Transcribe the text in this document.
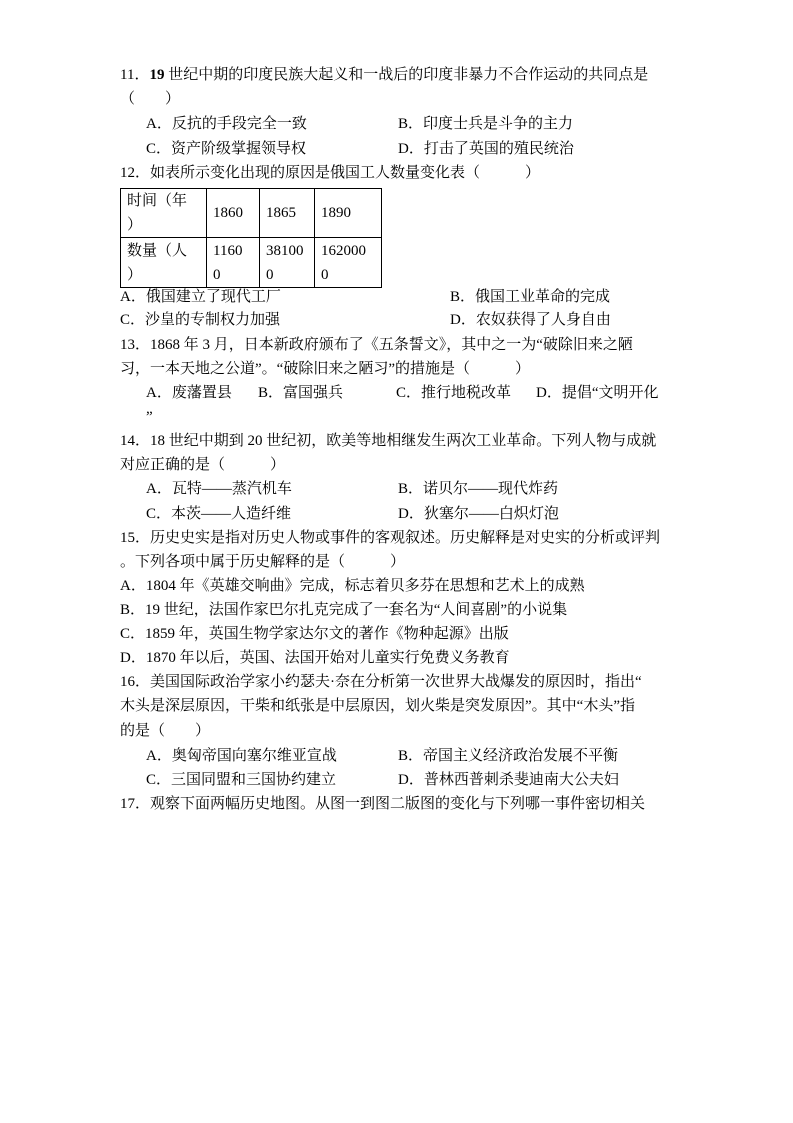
11．19 世纪中期的印度民族大起义和一战后的印度非暴力不合作运动的共同点是
（　　）
A．反抗的手段完全一致	B．印度士兵是斗争的主力
C．资产阶级掌握领导权	D．打击了英国的殖民统治
12．如表所示变化出现的原因是俄国工人数量变化表（　　　）
时间（年）	1860	1865	1890
数量（人）	11600	381000	1620000
A．俄国建立了现代工厂	B．俄国工业革命的完成
C．沙皇的专制权力加强	D．农奴获得了人身自由
13．1868 年 3 月，日本新政府颁布了《五条誓文》，其中之一为“破除旧来之陋
习，一本天地之公道”。“破除旧来之陋习”的措施是（　　　）
A．废藩置县 B．富国强兵	C．推行地税改革 D．提倡“文明开化
”
14．18 世纪中期到 20 世纪初，欧美等地相继发生两次工业革命。下列人物与成就
对应正确的是（　　　）
A．瓦特——蒸汽机车	B．诺贝尔——现代炸药
C．本茨——人造纤维	D．狄塞尔——白炽灯泡
15．历史史实是指对历史人物或事件的客观叙述。历史解释是对史实的分析或评判
。下列各项中属于历史解释的是（　　　）
A．1804 年《英雄交响曲》完成，标志着贝多芬在思想和艺术上的成熟
B．19 世纪，法国作家巴尔扎克完成了一套名为“人间喜剧”的小说集
C．1859 年，英国生物学家达尔文的著作《物种起源》出版
D．1870 年以后，英国、法国开始对儿童实行免费义务教育
16．美国国际政治学家小约瑟夫·奈在分析第一次世界大战爆发的原因时，指出“
木头是深层原因，干柴和纸张是中层原因，划火柴是突发原因”。其中“木头”指
的是（　　）
A．奥匈帝国向塞尔维亚宣战	B．帝国主义经济政治发展不平衡
C．三国同盟和三国协约建立	D．普林西普刺杀斐迪南大公夫妇
17．观察下面两幅历史地图。从图一到图二版图的变化与下列哪一事件密切相关
